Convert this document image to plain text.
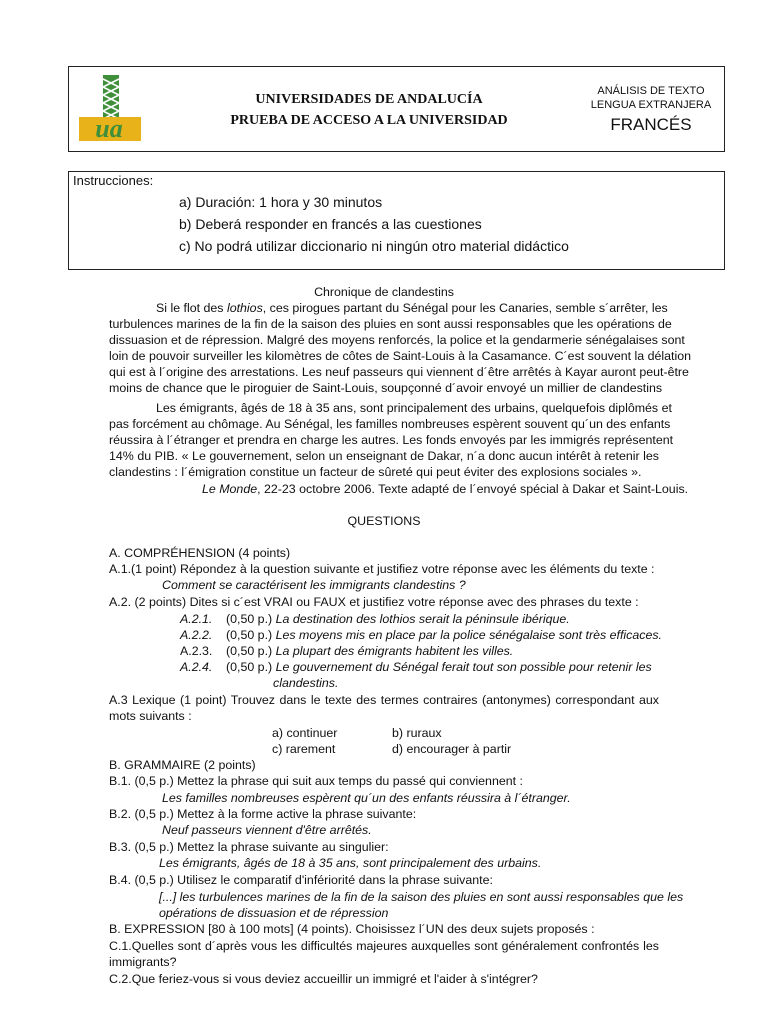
ua
UNIVERSIDADES DE ANDALUCÍA
PRUEBA DE ACCESO A LA UNIVERSIDAD
ANÁLISIS DE TEXTO
LENGUA EXTRANJERA
FRANCÉS
Instrucciones:
a) Duración: 1 hora y 30 minutos
b) Deberá responder en francés a las cuestiones
c) No podrá utilizar diccionario ni ningún otro material didáctico
Chronique de clandestins
Si le flot des lothios, ces pirogues partant du Sénégal pour les Canaries, semble s´arrêter, les
turbulences marines de la fin de la saison des pluies en sont aussi responsables que les opérations de
dissuasion et de répression. Malgré des moyens renforcés, la police et la gendarmerie sénégalaises sont
loin de pouvoir surveiller les kilomètres de côtes de Saint-Louis à la Casamance. C´est souvent la délation
qui est à l´origine des arrestations. Les neuf passeurs qui viennent d´être arrêtés à Kayar auront peut-être
moins de chance que le piroguier de Saint-Louis, soupçonné d´avoir envoyé un millier de clandestins
Les émigrants, âgés de 18 à 35 ans, sont principalement des urbains, quelquefois diplômés et
pas forcément au chômage. Au Sénégal, les familles nombreuses espèrent souvent qu´un des enfants
réussira à l´étranger et prendra en charge les autres. Les fonds envoyés par les immigrés représentent
14% du PIB. « Le gouvernement, selon un enseignant de Dakar, n´a donc aucun intérêt à retenir les
clandestins : l´émigration constitue un facteur de sûreté qui peut éviter des explosions sociales ».
Le Monde, 22-23 octobre 2006. Texte adapté de l´envoyé spécial à Dakar et Saint-Louis.
QUESTIONS
A. COMPRÉHENSION (4 points)
A.1.(1 point) Répondez à la question suivante et justifiez votre réponse avec les éléments du texte :
Comment se caractérisent les immigrants clandestins ?
A.2. (2 points) Dites si c´est VRAI ou FAUX et justifiez votre réponse avec des phrases du texte :
A.2.1. (0,50 p.) La destination des lothios serait la péninsule ibérique.
A.2.2. (0,50 p.) Les moyens mis en place par la police sénégalaise sont très efficaces.
A.2.3. (0,50 p.) La plupart des émigrants habitent les villes.
A.2.4. (0,50 p.) Le gouvernement du Sénégal ferait tout son possible pour retenir les
clandestins.
A.3 Lexique (1 point) Trouvez dans le texte des termes contraires (antonymes) correspondant aux
mots suivants :
a) continuer	b) ruraux
c) rarement	d) encourager à partir
B. GRAMMAIRE (2 points)
B.1. (0,5 p.) Mettez la phrase qui suit aux temps du passé qui conviennent :
Les familles nombreuses espèrent qu´un des enfants réussira à l´étranger.
B.2. (0,5 p.) Mettez à la forme active la phrase suivante:
Neuf passeurs viennent d'être arrêtés.
B.3. (0,5 p.) Mettez la phrase suivante au singulier:
Les émigrants, âgés de 18 à 35 ans, sont principalement des urbains.
B.4. (0,5 p.) Utilisez le comparatif d'infériorité dans la phrase suivante:
[...] les turbulences marines de la fin de la saison des pluies en sont aussi responsables que les
opérations de dissuasion et de répression
B. EXPRESSION [80 à 100 mots] (4 points). Choisissez l´UN des deux sujets proposés :
C.1.Quelles sont d´après vous les difficultés majeures auxquelles sont généralement confrontés les
immigrants?
C.2.Que feriez-vous si vous deviez accueillir un immigré et l'aider à s'intégrer?
